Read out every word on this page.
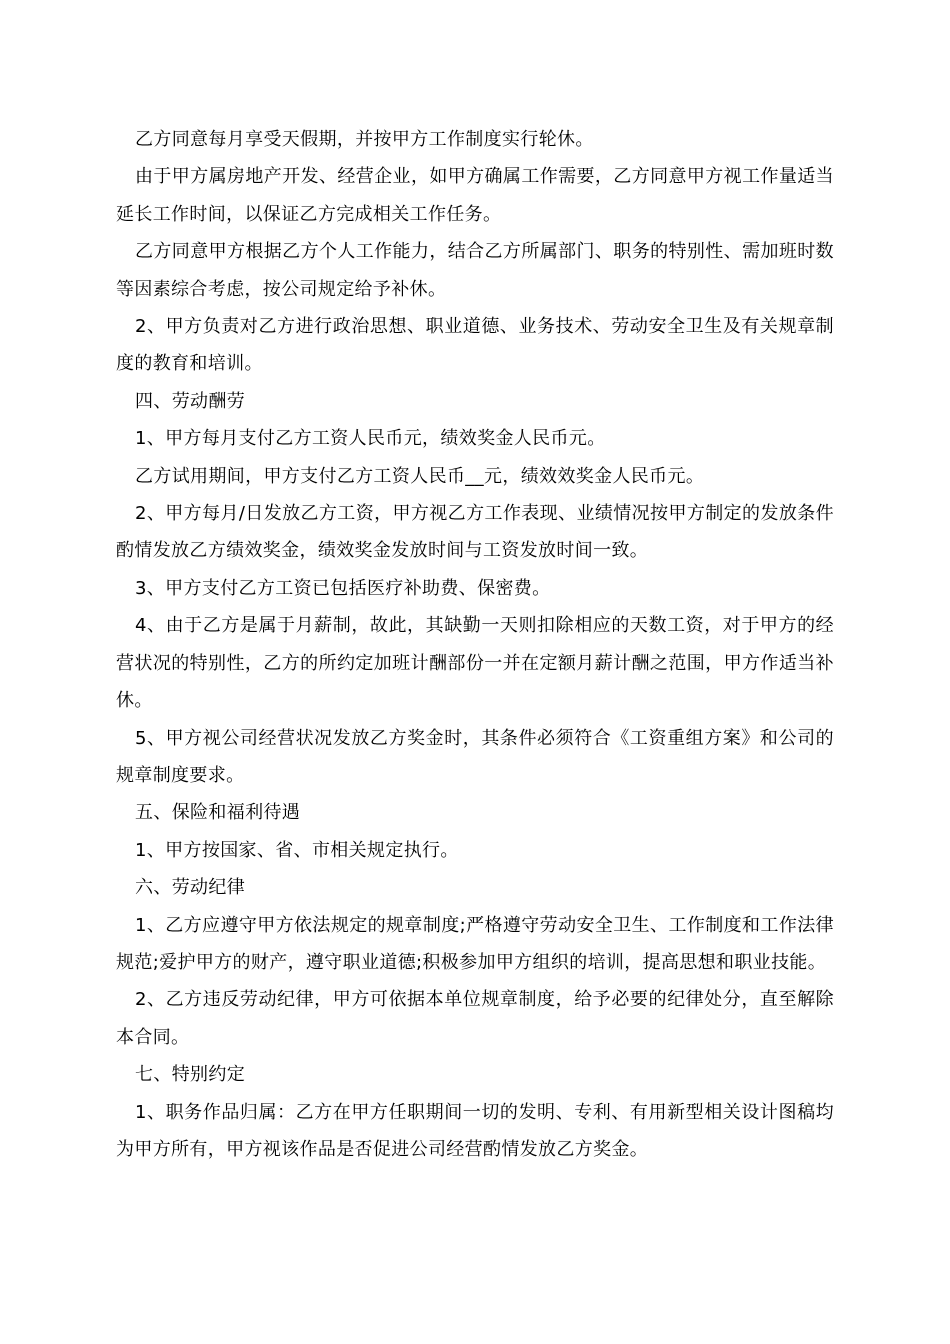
乙方同意每月享受天假期，并按甲方工作制度实行轮休。

由于甲方属房地产开发、经营企业，如甲方确属工作需要，乙方同意甲方视工作量适当延长工作时间，以保证乙方完成相关工作任务。

乙方同意甲方根据乙方个人工作能力，结合乙方所属部门、职务的特别性、需加班时数等因素综合考虑，按公司规定给予补休。

2、甲方负责对乙方进行政治思想、职业道德、业务技术、劳动安全卫生及有关规章制度的教育和培训。

四、劳动酬劳

1、甲方每月支付乙方工资人民币元，绩效奖金人民币元。

乙方试用期间，甲方支付乙方工资人民币__元，绩效效奖金人民币元。

2、甲方每月/日发放乙方工资，甲方视乙方工作表现、业绩情况按甲方制定的发放条件酌情发放乙方绩效奖金，绩效奖金发放时间与工资发放时间一致。

3、甲方支付乙方工资已包括医疗补助费、保密费。

4、由于乙方是属于月薪制，故此，其缺勤一天则扣除相应的天数工资，对于甲方的经营状况的特别性，乙方的所约定加班计酬部份一并在定额月薪计酬之范围，甲方作适当补休。

5、甲方视公司经营状况发放乙方奖金时，其条件必须符合《工资重组方案》和公司的规章制度要求。

五、保险和福利待遇

1、甲方按国家、省、市相关规定执行。

六、劳动纪律

1、乙方应遵守甲方依法规定的规章制度;严格遵守劳动安全卫生、工作制度和工作法律规范;爱护甲方的财产，遵守职业道德;积极参加甲方组织的培训，提高思想和职业技能。

2、乙方违反劳动纪律，甲方可依据本单位规章制度，给予必要的纪律处分，直至解除本合同。

七、特别约定

1、职务作品归属：乙方在甲方任职期间一切的发明、专利、有用新型相关设计图稿均为甲方所有，甲方视该作品是否促进公司经营酌情发放乙方奖金。
